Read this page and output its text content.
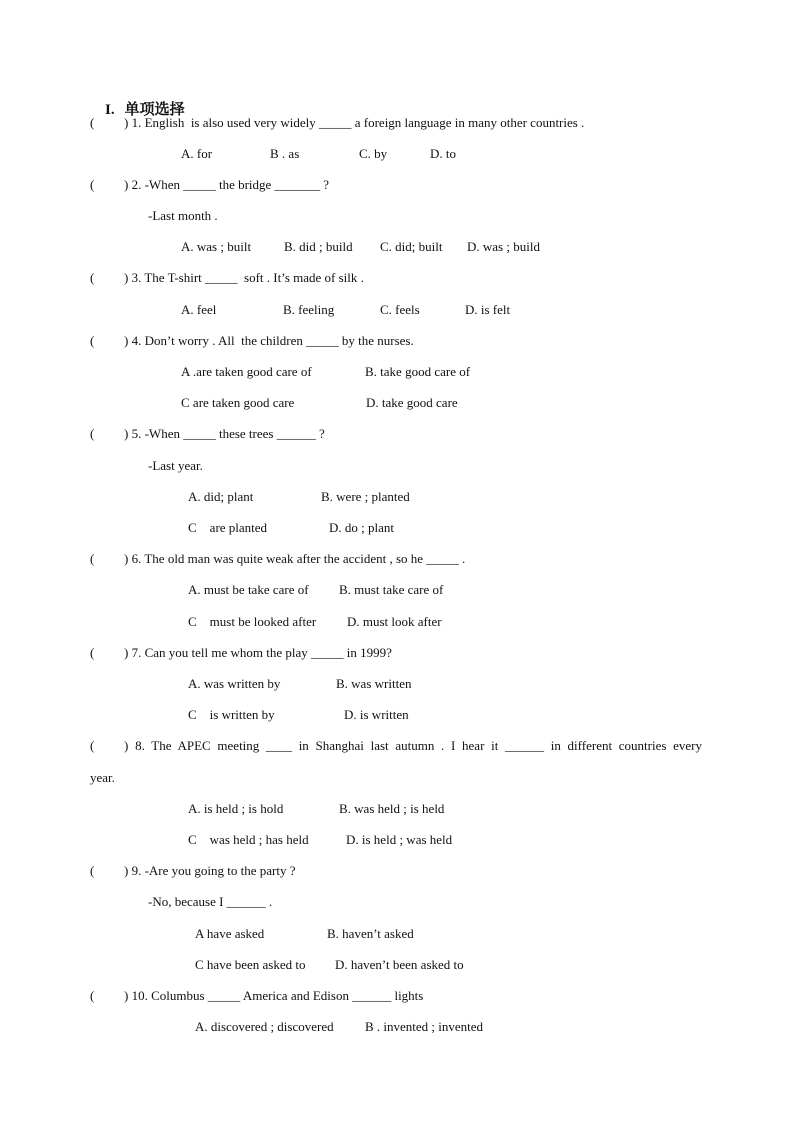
I. 单项选择

( ) 1. English  is also used very widely _____ a foreign language in many other countries .
A. for	B . as	C. by	D. to
( ) 2. -When _____ the bridge _______ ?
-Last month .
A. was ; built	B. did ; build C. did; built D. was ; build
( ) 3. The T-shirt _____  soft . It’s made of silk .
A. feel	B. feeling	C. feels	D. is felt
( ) 4. Don’t worry . All  the children _____ by the nurses.
A .are taken good care of	B. take good care of
C are taken good care	D. take good care
( ) 5. -When _____ these trees ______ ?
-Last year.
A. did; plant	B. were ; planted
C    are planted	D. do ; plant
( ) 6. The old man was quite weak after the accident , so he _____ .
A. must be take care of B. must take care of
C    must be looked after D. must look after
( ) 7. Can you tell me whom the play _____ in 1999?
A. was written by	B. was written
C    is written by	D. is written
( ) 8. The APEC meeting ____ in Shanghai last autumn . I hear it ______ in different countries every
year.
A. is held ; is hold	B. was held ; is held
C    was held ; has held	D. is held ; was held
( ) 9. -Are you going to the party ?
-No, because I ______ .
A have asked	B. haven’t asked
C have been asked to D. haven’t been asked to
( ) 10. Columbus _____ America and Edison ______ lights
A. discovered ; discovered B . invented ; invented
